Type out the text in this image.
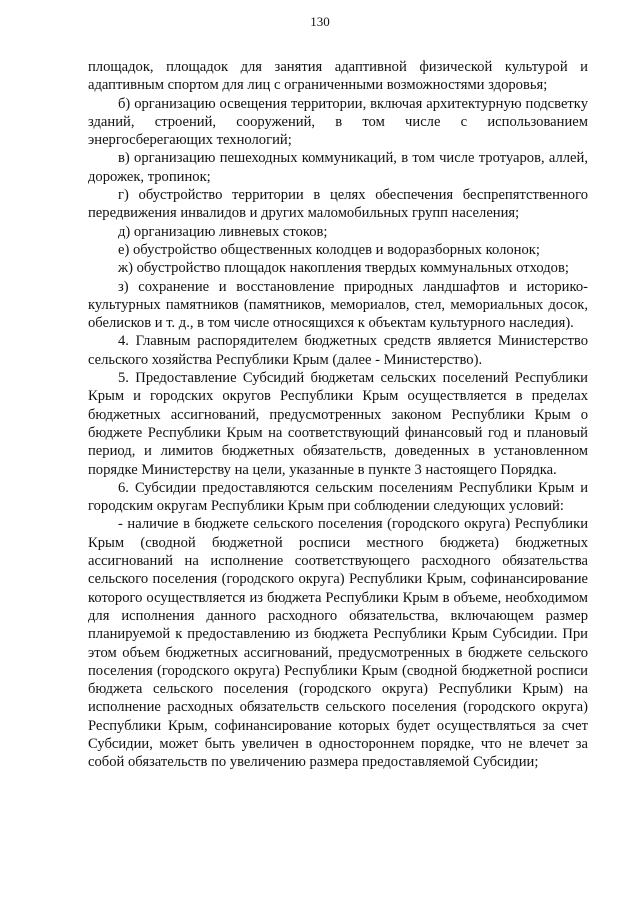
130

площадок, площадок для занятия адаптивной физической культурой и адаптивным спортом для лиц с ограниченными возможностями здоровья;

б) организацию освещения территории, включая архитектурную подсветку зданий, строений, сооружений, в том числе с использованием энергосберегающих технологий;

в) организацию пешеходных коммуникаций, в том числе тротуаров, аллей, дорожек, тропинок;

г) обустройство территории в целях обеспечения беспрепятственного передвижения инвалидов и других маломобильных групп населения;

д) организацию ливневых стоков;

е) обустройство общественных колодцев и водоразборных колонок;

ж) обустройство площадок накопления твердых коммунальных отходов;

з) сохранение и восстановление природных ландшафтов и историко-культурных памятников (памятников, мемориалов, стел, мемориальных досок, обелисков и т. д., в том числе относящихся к объектам культурного наследия).

4. Главным распорядителем бюджетных средств является Министерство сельского хозяйства Республики Крым (далее - Министерство).

5. Предоставление Субсидий бюджетам сельских поселений Республики Крым и городских округов Республики Крым осуществляется в пределах бюджетных ассигнований, предусмотренных законом Республики Крым о бюджете Республики Крым на соответствующий финансовый год и плановый период, и лимитов бюджетных обязательств, доведенных в установленном порядке Министерству на цели, указанные в пункте 3 настоящего Порядка.

6. Субсидии предоставляются сельским поселениям Республики Крым и городским округам Республики Крым при соблюдении следующих условий:

- наличие в бюджете сельского поселения (городского округа) Республики Крым (сводной бюджетной росписи местного бюджета) бюджетных ассигнований на исполнение соответствующего расходного обязательства сельского поселения (городского округа) Республики Крым, софинансирование которого осуществляется из бюджета Республики Крым в объеме, необходимом для исполнения данного расходного обязательства, включающем размер планируемой к предоставлению из бюджета Республики Крым Субсидии. При этом объем бюджетных ассигнований, предусмотренных в бюджете сельского поселения (городского округа) Республики Крым (сводной бюджетной росписи бюджета сельского поселения (городского округа) Республики Крым) на исполнение расходных обязательств сельского поселения (городского округа) Республики Крым, софинансирование которых будет осуществляться за счет Субсидии, может быть увеличен в одностороннем порядке, что не влечет за собой обязательств по увеличению размера предоставляемой Субсидии;
